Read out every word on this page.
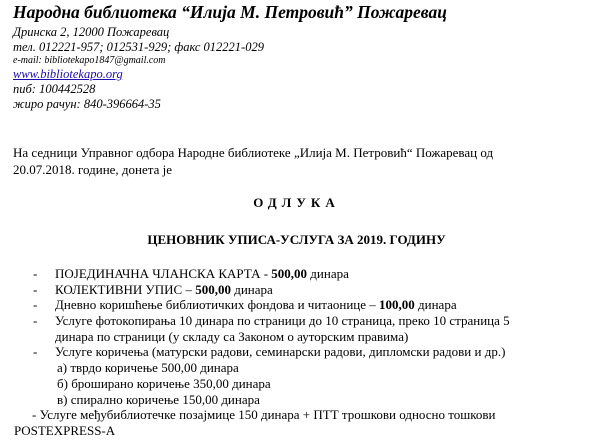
Народна библиотека “Илија М. Петровић” Пожаревац
Дринска 2, 12000 Пожаревац
тел. 012221-957; 012531-929; факс 012221-029
e-mail: bibliotekapo1847@gmail.com
www.bibliotekapo.org
пиб: 100442528
жиро рачун: 840-396664-35
На седници Управног одбора Народне библиотеке „Илија М. Петровић“ Пожаревац од
20.07.2018. године, донета је
ОДЛУКА
ЦЕНОВНИК УПИСА-УСЛУГА ЗА 2019. ГОДИНУ
- ПОЈЕДИНАЧНА ЧЛАНСКА КАРТА - 500,00 динара
- КОЛЕКТИВНИ УПИС – 500,00 динара
- Дневно коришћење библиотичких фондова и читаонице – 100,00 динара
- Услуге фотокопирања 10 динара по страници до 10 страница, преко 10 страница 5
динара по страници (у складу са Законом о ауторским правима)
- Услуге коричења (матурски радови, семинарски радови, дипломски радови и др.)
а) тврдо коричење 500,00 динара
б) брoширано коричење 350,00 динара
в) спирално коричење 150,00 динара
- Услуге међубиблиотечке позајмице 150 динара + ПТТ трошкови односно тошкови
POSTEXPRESS-A
